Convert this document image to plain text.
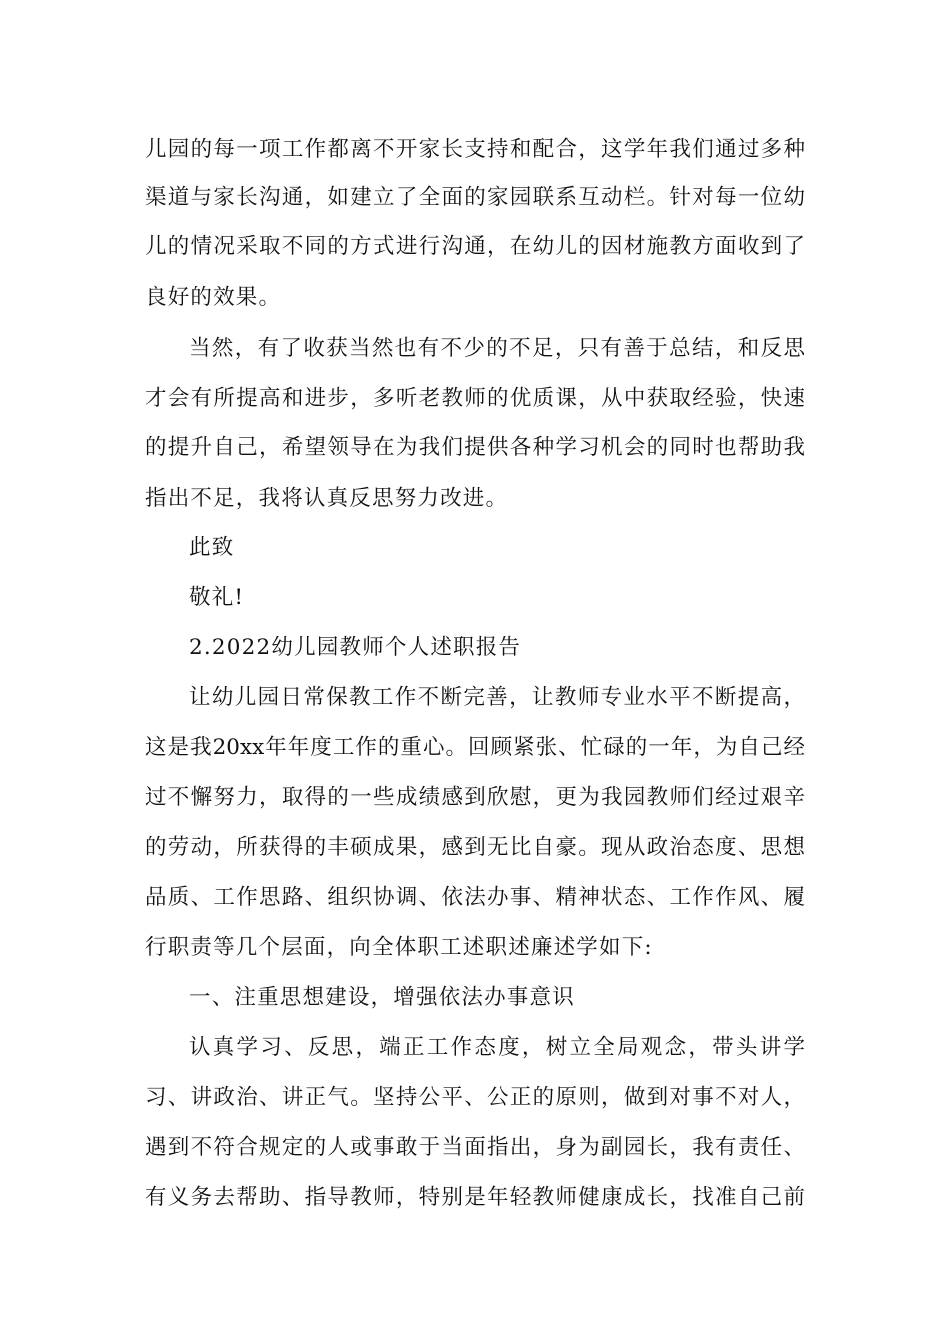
儿园的每一项工作都离不开家长支持和配合，这学年我们通过多种
渠道与家长沟通，如建立了全面的家园联系互动栏。针对每一位幼
儿的情况采取不同的方式进行沟通，在幼儿的因材施教方面收到了
良好的效果。
当然，有了收获当然也有不少的不足，只有善于总结，和反思
才会有所提高和进步，多听老教师的优质课，从中获取经验，快速
的提升自己，希望领导在为我们提供各种学习机会的同时也帮助我
指出不足，我将认真反思努力改进。
此致
敬礼!
2.2022幼儿园教师个人述职报告
让幼儿园日常保教工作不断完善，让教师专业水平不断提高，
这是我20xx年年度工作的重心。回顾紧张、忙碌的一年，为自己经
过不懈努力，取得的一些成绩感到欣慰，更为我园教师们经过艰辛
的劳动，所获得的丰硕成果，感到无比自豪。现从政治态度、思想
品质、工作思路、组织协调、依法办事、精神状态、工作作风、履
行职责等几个层面，向全体职工述职述廉述学如下:
一、注重思想建设，增强依法办事意识
认真学习、反思，端正工作态度，树立全局观念，带头讲学
习、讲政治、讲正气。坚持公平、公正的原则，做到对事不对人，
遇到不符合规定的人或事敢于当面指出，身为副园长，我有责任、
有义务去帮助、指导教师，特别是年轻教师健康成长，找准自己前
